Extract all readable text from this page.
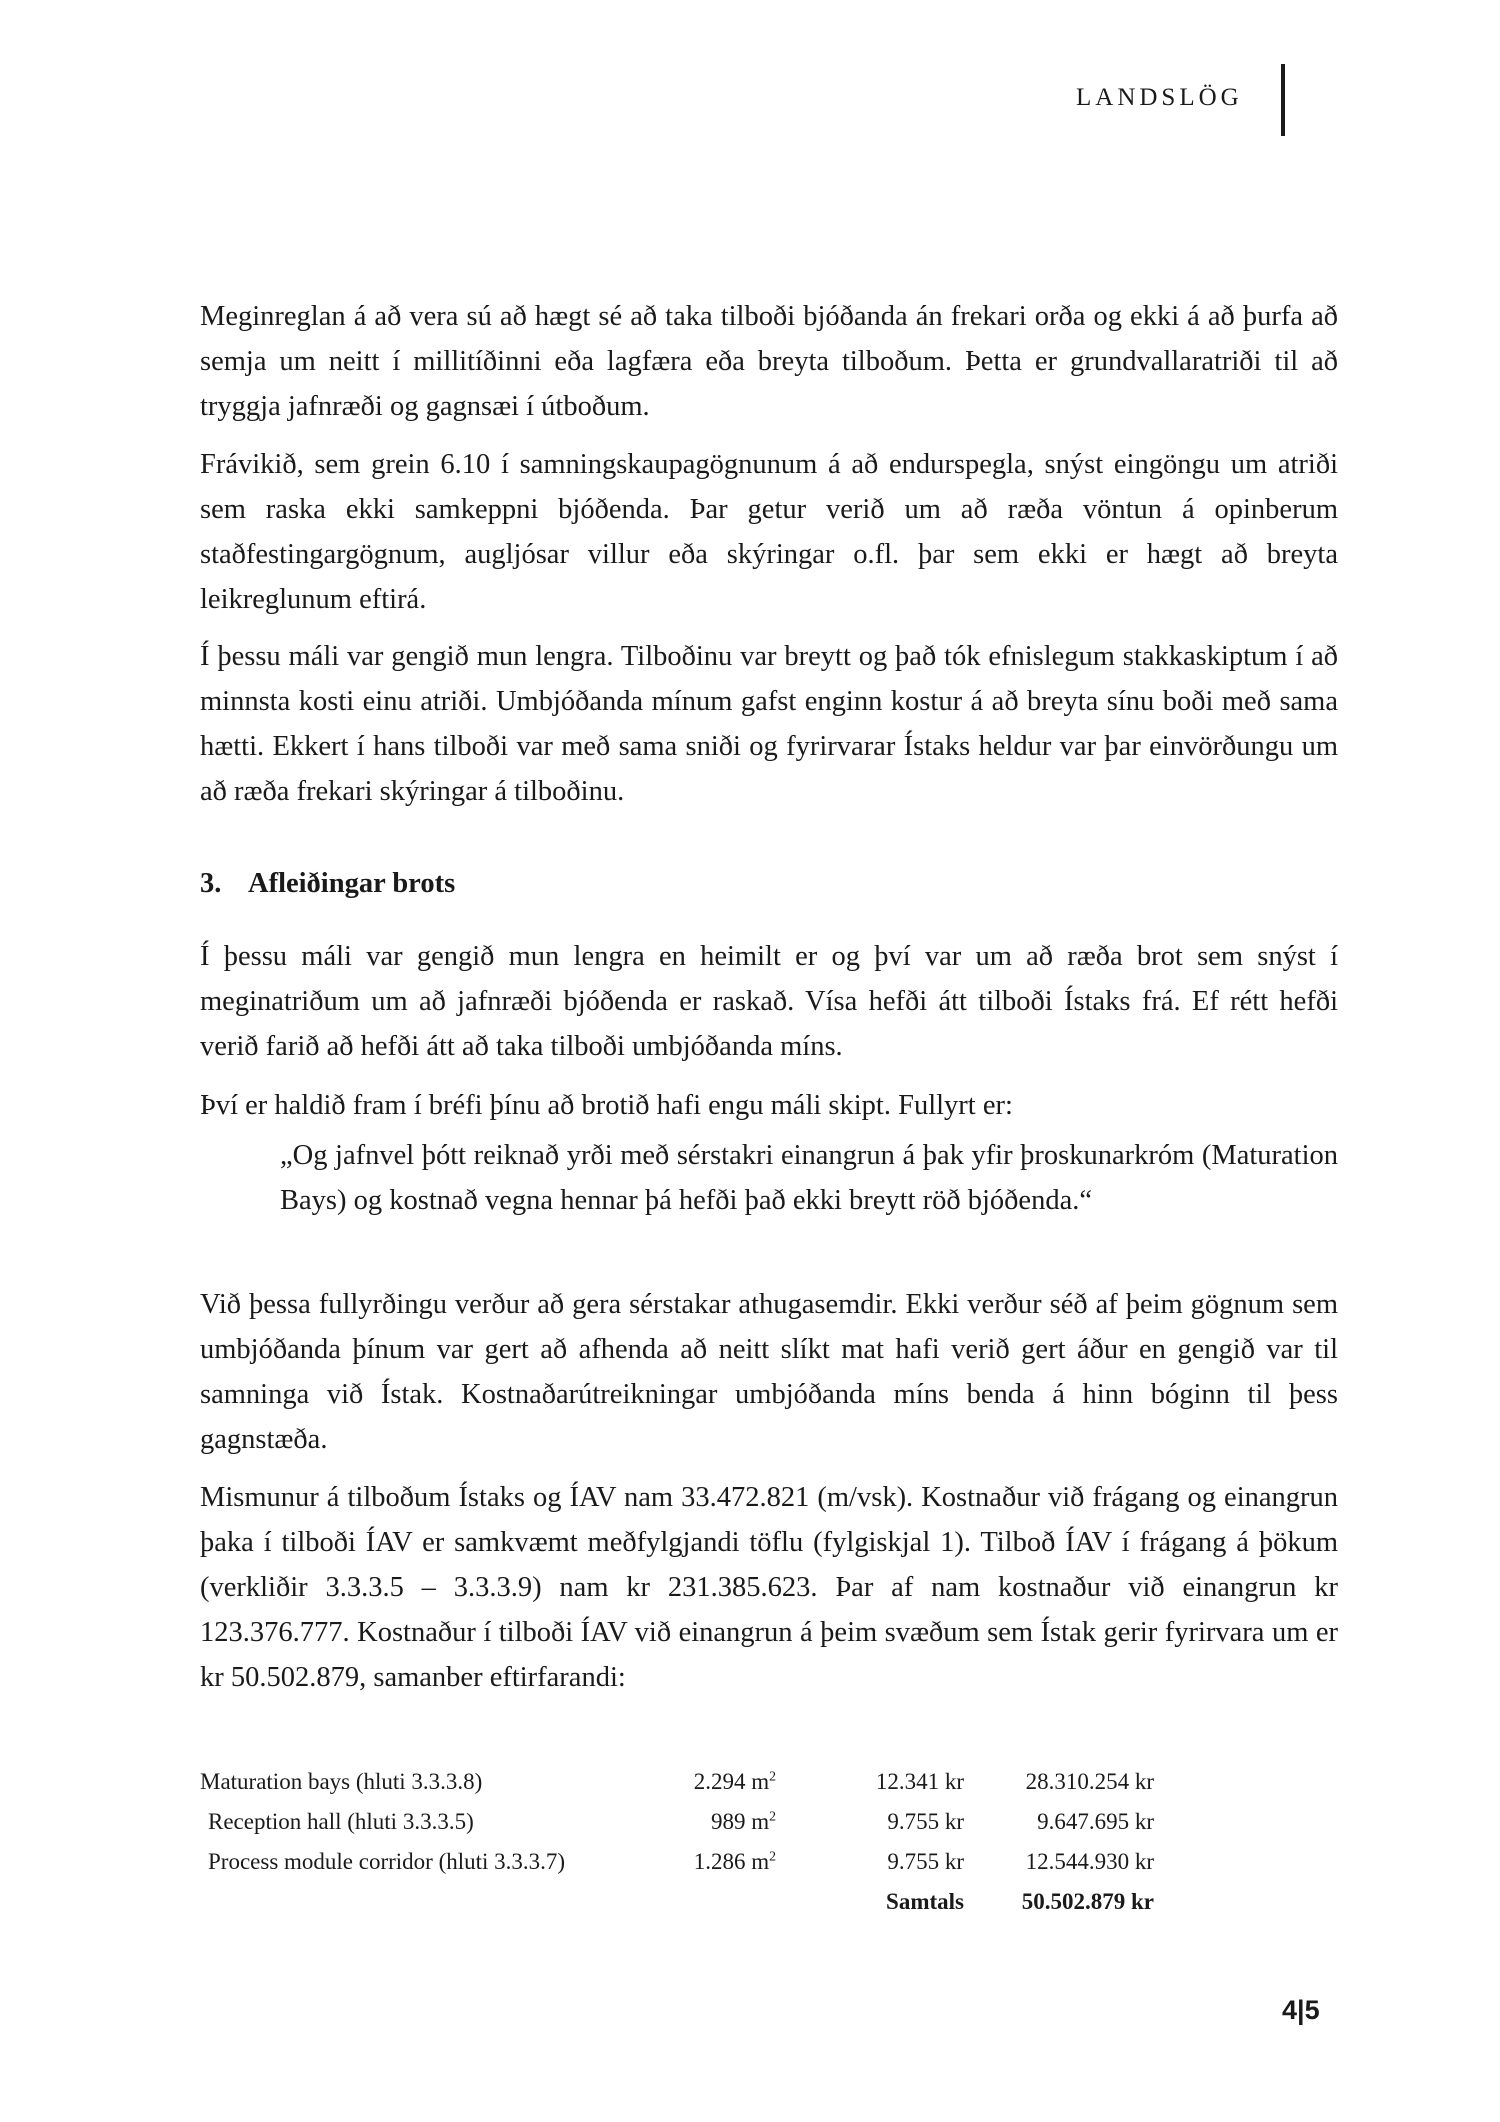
LANDSLÖG

Meginreglan á að vera sú að hægt sé að taka tilboði bjóðanda án frekari orða og ekki á að þurfa að semja um neitt í millitíðinni eða lagfæra eða breyta tilboðum. Þetta er grundvallaratriði til að tryggja jafnræði og gagnsæi í útboðum.

Frávikið, sem grein 6.10 í samningskaupagögnunum á að endurspegla, snýst eingöngu um atriði sem raska ekki samkeppni bjóðenda. Þar getur verið um að ræða vöntun á opinberum staðfestingargögnum, augljósar villur eða skýringar o.fl. þar sem ekki er hægt að breyta leikreglunum eftirá.

Í þessu máli var gengið mun lengra. Tilboðinu var breytt og það tók efnislegum stakkaskiptum í að minnsta kosti einu atriði. Umbjóðanda mínum gafst enginn kostur á að breyta sínu boði með sama hætti. Ekkert í hans tilboði var með sama sniði og fyrirvarar Ístaks heldur var þar einvörðungu um að ræða frekari skýringar á tilboðinu.

3. Afleiðingar brots

Í þessu máli var gengið mun lengra en heimilt er og því var um að ræða brot sem snýst í meginatriðum um að jafnræði bjóðenda er raskað. Vísa hefði átt tilboði Ístaks frá. Ef rétt hefði verið farið að hefði átt að taka tilboði umbjóðanda míns.

Því er haldið fram í bréfi þínu að brotið hafi engu máli skipt. Fullyrt er:

„Og jafnvel þótt reiknað yrði með sérstakri einangrun á þak yfir þroskunarkróm (Maturation Bays) og kostnað vegna hennar þá hefði það ekki breytt röð bjóðenda.“

Við þessa fullyrðingu verður að gera sérstakar athugasemdir. Ekki verður séð af þeim gögnum sem umbjóðanda þínum var gert að afhenda að neitt slíkt mat hafi verið gert áður en gengið var til samninga við Ístak. Kostnaðarútreikningar umbjóðanda míns benda á hinn bóginn til þess gagnstæða.

Mismunur á tilboðum Ístaks og ÍAV nam 33.472.821 (m/vsk). Kostnaður við frágang og einangrun þaka í tilboði ÍAV er samkvæmt meðfylgjandi töflu (fylgiskjal 1). Tilboð ÍAV í frágang á þökum (verkliðir 3.3.3.5 – 3.3.3.9) nam kr 231.385.623. Þar af nam kostnaður við einangrun kr 123.376.777. Kostnaður í tilboði ÍAV við einangrun á þeim svæðum sem Ístak gerir fyrirvara um er kr 50.502.879, samanber eftirfarandi:

Maturation bays (hluti 3.3.3.8)	2.294 $m^2$	12.341 kr	28.310.254 kr
Reception hall (hluti 3.3.3.5)	989 $m^2$	9.755 kr	9.647.695 kr
Process module corridor (hluti 3.3.3.7)	1.286 $m^2$	9.755 kr	12.544.930 kr
		Samtals	50.502.879 kr
4|5
